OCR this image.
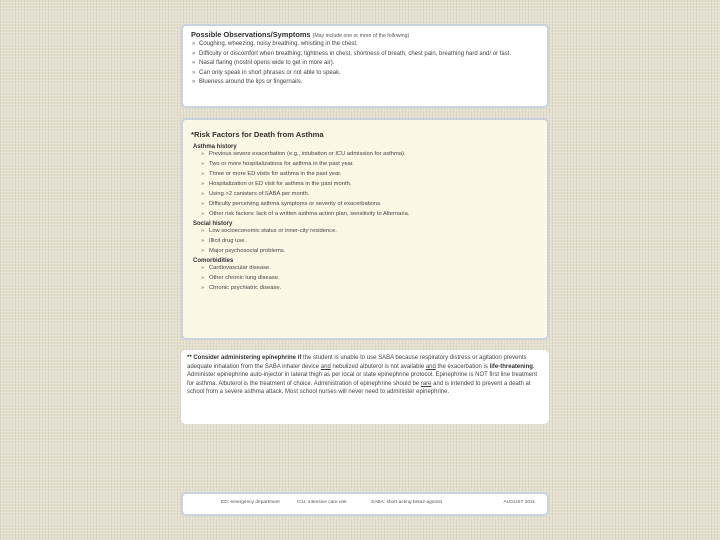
Possible Observations/Symptoms (May include one or more of the following)
» Coughing, wheezing, noisy breathing, whistling in the chest.
» Difficulty or discomfort when breathing, tightness in chest, shortness of breath, chest pain, breathing hard and/ or fast.
» Nasal flaring (nostril opens wide to get in more air).
» Can only speak in short phrases or not able to speak.
» Blueness around the lips or fingernails.
*Risk Factors for Death from Asthma
Asthma history
» Previous severe exacerbation (e.g., intubation or ICU admission for asthma).
» Two or more hospitalizations for asthma in the past year.
» Three or more ED visits for asthma in the past year.
» Hospitalization or ED visit for asthma in the past month.
» Using >2 canisters of SABA per month.
» Difficulty perceiving asthma symptoms or severity of exacerbations.
» Other risk factors: lack of a written asthma action plan, sensitivity to Alternaria.
Social history
» Low socioeconomic status or inner-city residence.
» Illicit drug use.
» Major psychosocial problems.
Comorbidities
» Cardiovascular disease.
» Other chronic lung disease.
» Chronic psychiatric disease.

** Consider administering epinephrine if the student is unable to use SABA because respiratory distress or agitation prevents adequate inhalation from the SABA inhaler device and nebulized albuterol is not available and the exacerbation is life-threatening. Administer epinephrine auto-injector in lateral thigh as per local or state epinephrine protocol. Epinephrine is NOT first line treatment for asthma. Albuterol is the treatment of choice. Administration of epinephrine should be rare and is intended to prevent a death at school from a severe asthma attack. Most school nurses will never need to administer epinephrine.

ED: emergency department	ICU: intensive care unit	SABA: short-acting beta2-agonist	AUGUST 2011
